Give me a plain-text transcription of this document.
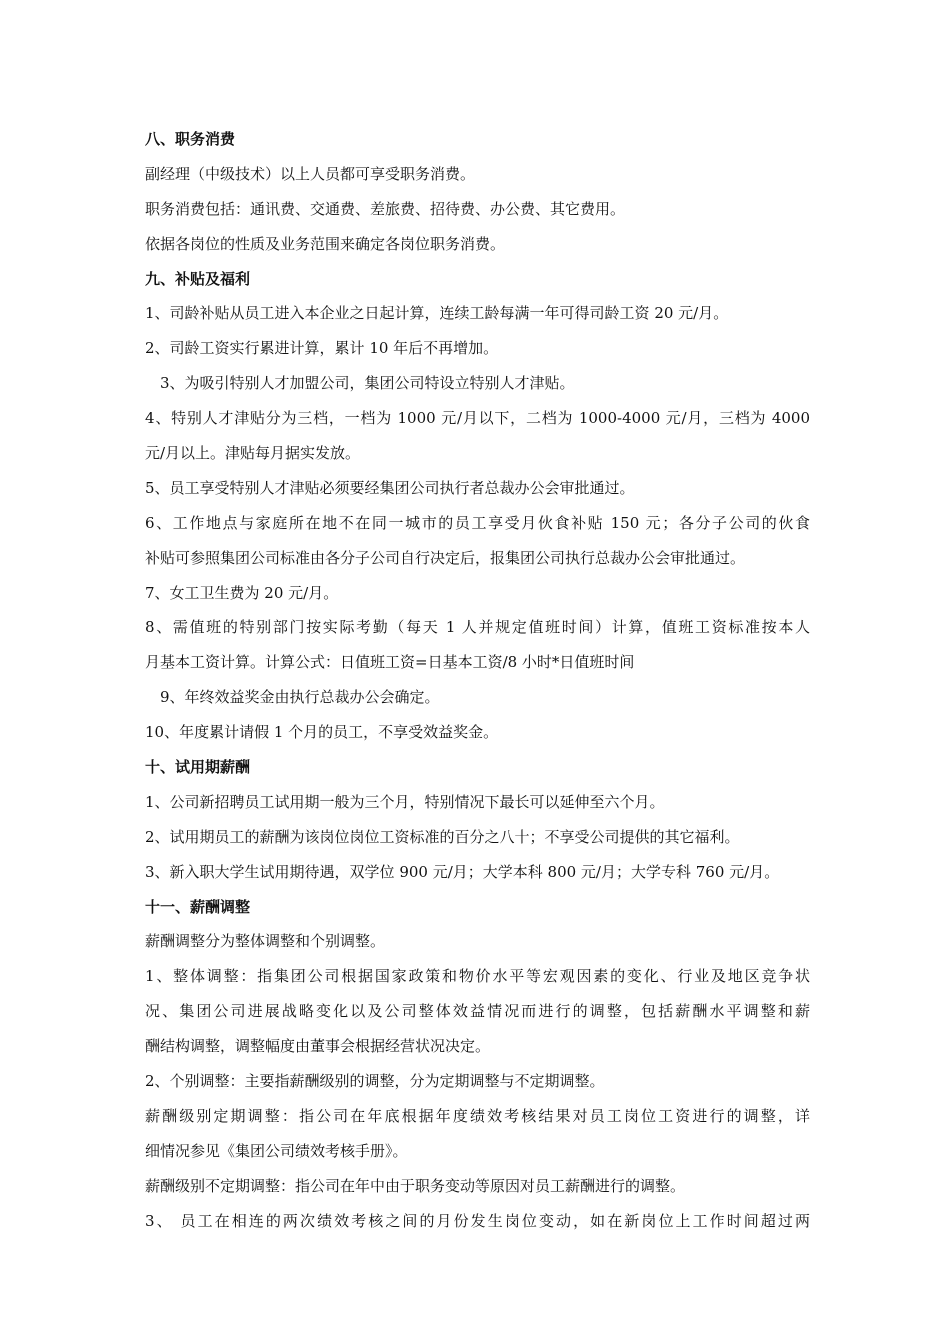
八、职务消费
副经理（中级技术）以上人员都可享受职务消费。
职务消费包括：通讯费、交通费、差旅费、招待费、办公费、其它费用。
依据各岗位的性质及业务范围来确定各岗位职务消费。
九、补贴及福利
1、司龄补贴从员工进入本企业之日起计算，连续工龄每满一年可得司龄工资 20 元/月。
2、司龄工资实行累进计算，累计 10 年后不再增加。
3、为吸引特别人才加盟公司，集团公司特设立特别人才津贴。
4、特别人才津贴分为三档，一档为 1000 元/月以下，二档为 1000-4000 元/月，三档为 4000
元/月以上。津贴每月据实发放。
5、员工享受特别人才津贴必须要经集团公司执行者总裁办公会审批通过。
6、工作地点与家庭所在地不在同一城市的员工享受月伙食补贴 150 元；各分子公司的伙食
补贴可参照集团公司标准由各分子公司自行决定后，报集团公司执行总裁办公会审批通过。
7、女工卫生费为 20 元/月。
8、需值班的特别部门按实际考勤（每天 1 人并规定值班时间）计算，值班工资标准按本人
月基本工资计算。计算公式：日值班工资=日基本工资/8 小时*日值班时间
9、年终效益奖金由执行总裁办公会确定。
10、年度累计请假 1 个月的员工，不享受效益奖金。
十、试用期薪酬
1、公司新招聘员工试用期一般为三个月，特别情况下最长可以延伸至六个月。
2、试用期员工的薪酬为该岗位岗位工资标准的百分之八十；不享受公司提供的其它福利。
3、新入职大学生试用期待遇，双学位 900 元/月；大学本科 800 元/月；大学专科 760 元/月。
十一、薪酬调整
薪酬调整分为整体调整和个别调整。
1、整体调整：指集团公司根据国家政策和物价水平等宏观因素的变化、行业及地区竞争状
况、集团公司进展战略变化以及公司整体效益情况而进行的调整，包括薪酬水平调整和薪
酬结构调整，调整幅度由董事会根据经营状况决定。
2、个别调整：主要指薪酬级别的调整，分为定期调整与不定期调整。
薪酬级别定期调整：指公司在年底根据年度绩效考核结果对员工岗位工资进行的调整，详
细情况参见《集团公司绩效考核手册》。
薪酬级别不定期调整：指公司在年中由于职务变动等原因对员工薪酬进行的调整。
3、 员工在相连的两次绩效考核之间的月份发生岗位变动，如在新岗位上工作时间超过两
